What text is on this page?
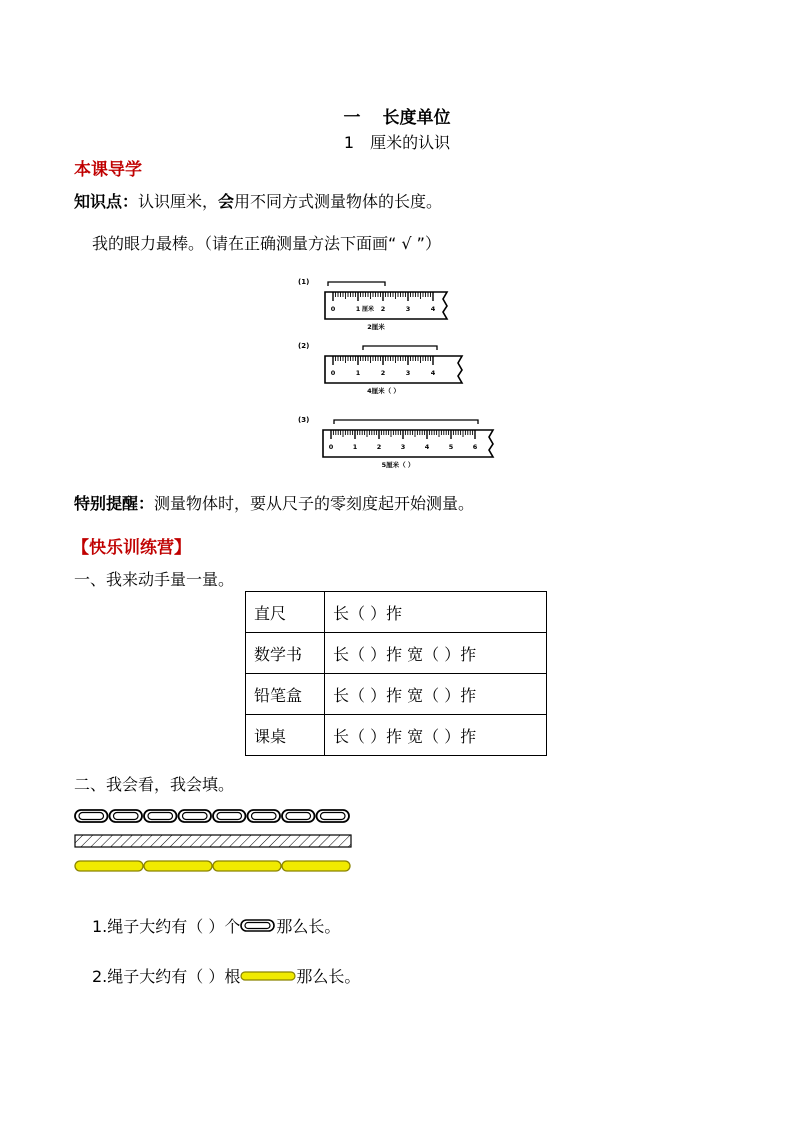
一 长度单位
1 厘米的认识
本课导学
知识点：认识厘米，会用不同方式测量物体的长度。
我的眼力最棒。（请在正确测量方法下面画“ √ ”）
(1)
0	1	2	3	4
厘米
2厘米
(2)
0	1	2	3	4
4厘米（ ）
(3)
0	1	2	3	4	5	6
5厘米（ ）
特别提醒：测量物体时，要从尺子的零刻度起开始测量。
【快乐训练营】
一、我来动手量一量。
直尺	长（ ）拃
数学书	长（ ）拃 宽（ ）拃
铅笔盒	长（ ）拃 宽（ ）拃
课桌	长（ ）拃 宽（ ）拃
二、我会看，我会填。
1.绳子大约有（ ）个 那么长。
2.绳子大约有（ ）根	那么长。
